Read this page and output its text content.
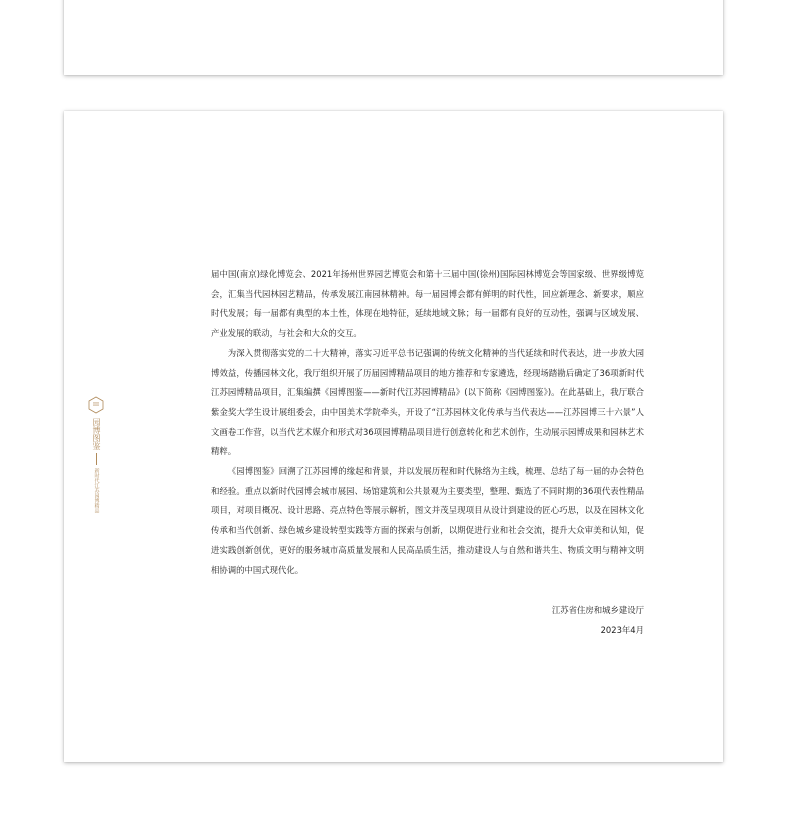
III
园博图鉴
新时代江苏园博精品

届中国(南京)绿化博览会、2021年扬州世界园艺博览会和第十三届中国(徐州)国际园林博览会等国家级、世界级博览会，汇集当代园林园艺精品，传承发展江南园林精神。每一届园博会都有鲜明的时代性，回应新理念、新要求，顺应时代发展；每一届都有典型的本土性，体现在地特征，延续地域文脉；每一届都有良好的互动性，强调与区域发展、产业发展的联动，与社会和大众的交互。

为深入贯彻落实党的二十大精神，落实习近平总书记强调的传统文化精神的当代延续和时代表达，进一步放大园博效益，传播园林文化，我厅组织开展了历届园博精品项目的地方推荐和专家遴选，经现场踏勘后确定了36项新时代江苏园博精品项目，汇集编撰《园博图鉴——新时代江苏园博精品》(以下简称《园博图鉴》)。在此基础上，我厅联合紫金奖大学生设计展组委会，由中国美术学院牵头，开设了“江苏园林文化传承与当代表达——江苏园博三十六景”人文画卷工作营，以当代艺术媒介和形式对36项园博精品项目进行创意转化和艺术创作，生动展示园博成果和园林艺术精粹。

《园博图鉴》回溯了江苏园博的缘起和背景，并以发展历程和时代脉络为主线，梳理、总结了每一届的办会特色和经验。重点以新时代园博会城市展园、场馆建筑和公共景观为主要类型，整理、甄选了不同时期的36项代表性精品项目，对项目概况、设计思路、亮点特色等展示解析，图文并茂呈现项目从设计到建设的匠心巧思，以及在园林文化传承和当代创新、绿色城乡建设转型实践等方面的探索与创新，以期促进行业和社会交流，提升大众审美和认知，促进实践创新创优，更好的服务城市高质量发展和人民高品质生活，推动建设人与自然和谐共生、物质文明与精神文明相协调的中国式现代化。

江苏省住房和城乡建设厅
2023年4月
